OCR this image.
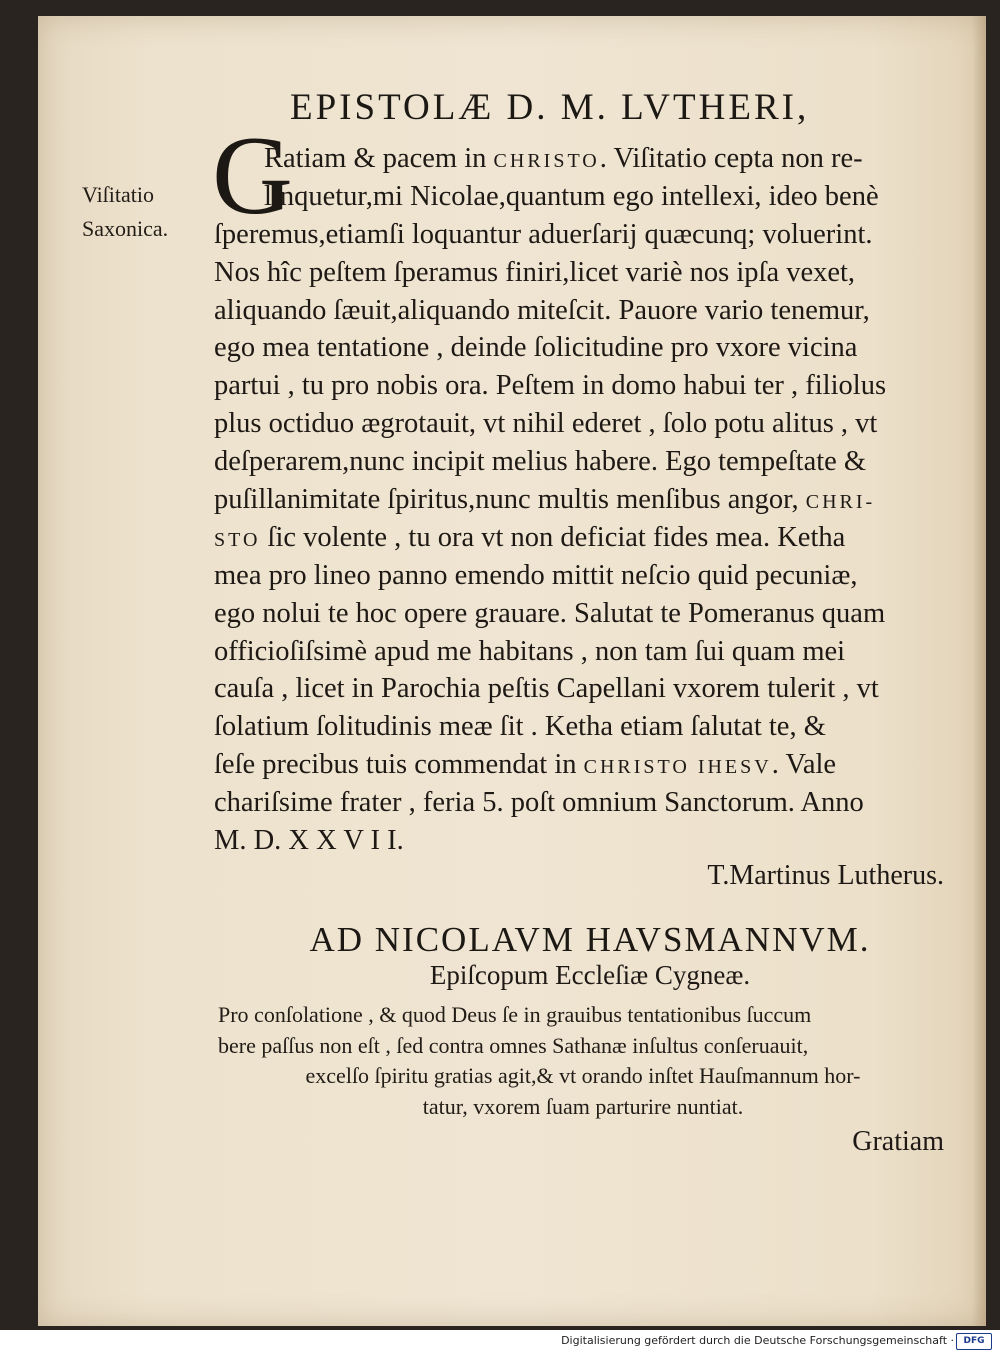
EPISTOLÆ D. M. LVTHERI,
Viſitatio
Saxonica. G
Ratiam & pacem in CHRISTO. Viſitatio cepta non re-
linquetur,mi Nicolae,quantum ego intellexi, ideo benè
ſperemus,etiamſi loquantur aduerſarij quæcunq; voluerint.
Nos hîc peſtem ſperamus finiri,licet variè nos ipſa vexet,
aliquando ſæuit,aliquando miteſcit. Pauore vario tenemur,
ego mea tentatione , deinde ſolicitudine pro vxore vicina
partui , tu pro nobis ora. Peſtem in domo habui ter , filiolus
plus octiduo ægrotauit, vt nihil ederet , ſolo potu alitus , vt
deſperarem,nunc incipit melius habere. Ego tempeſtate &
puſillanimitate ſpiritus,nunc multis menſibus angor, CHRI-
STO ſic volente , tu ora vt non deficiat fides mea. Ketha
mea pro lineo panno emendo mittit neſcio quid pecuniæ,
ego nolui te hoc opere grauare. Salutat te Pomeranus quam
officioſiſsimè apud me habitans , non tam ſui quam mei
cauſa , licet in Parochia peſtis Capellani vxorem tulerit , vt
ſolatium ſolitudinis meæ ſit . Ketha etiam ſalutat te, &
ſeſe precibus tuis commendat in CHRISTO IHESV. Vale
chariſsime frater , feria 5. poſt omnium Sanctorum. Anno
M. D. X X V I I.
T.Martinus Lutherus.
AD NICOLAVM HAVSMANNVM.
Epiſcopum Eccleſiæ Cygneæ.
Pro conſolatione , & quod Deus ſe in grauibus tentationibus ſuccum
bere paſſus non eſt , ſed contra omnes Sathanæ inſultus conſeruauit,
excelſo ſpiritu gratias agit,& vt orando inſtet Hauſmannum hor-
tatur, vxorem ſuam parturire nuntiat.
Gratiam
Digitalisierung gefördert durch die Deutsche Forschungsgemeinschaft ·	DFG
